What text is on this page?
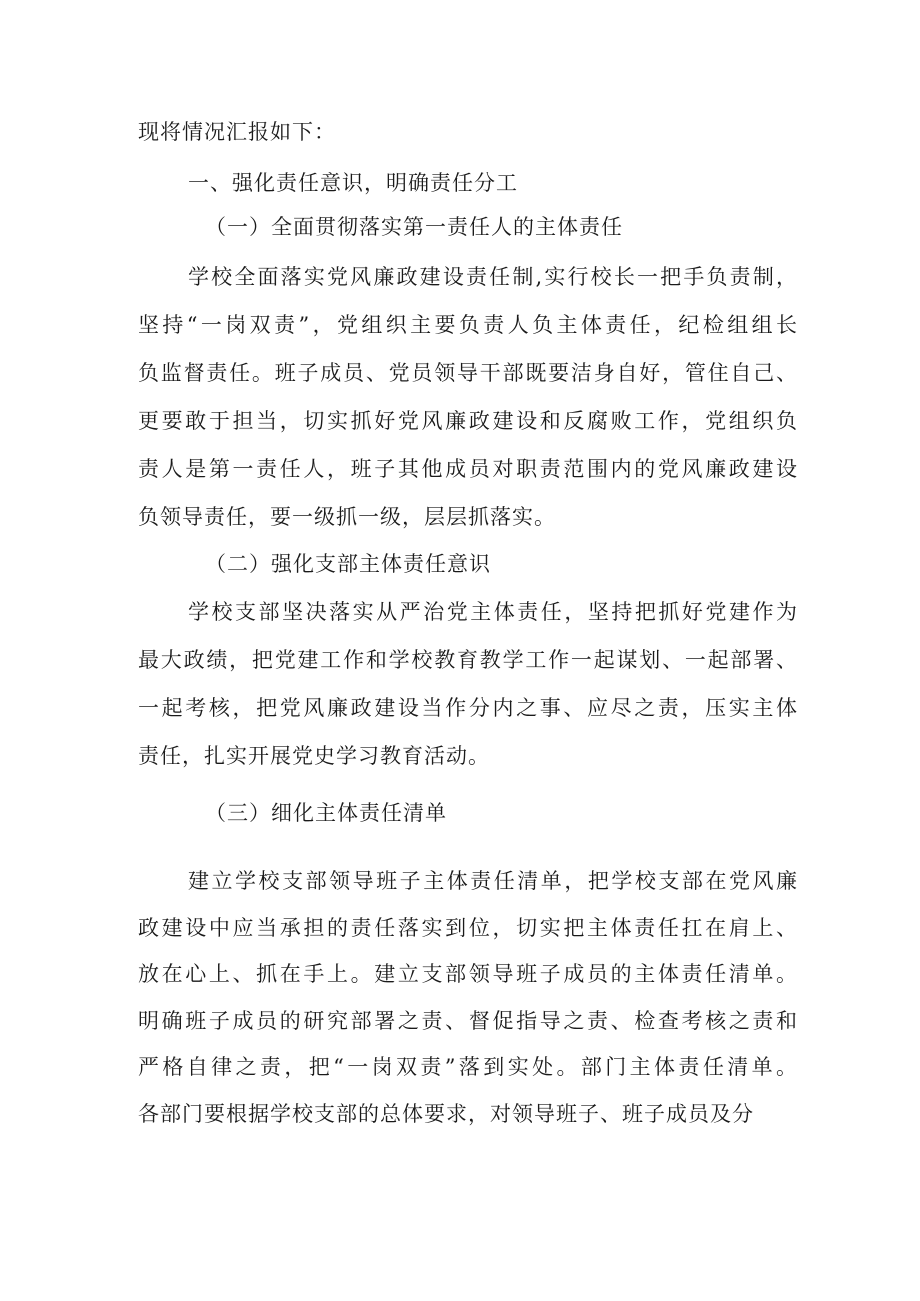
现将情况汇报如下：
一、强化责任意识，明确责任分工
（一）全面贯彻落实第一责任人的主体责任
学校全面落实党风廉政建设责任制,实行校长一把手负责制，
坚持“一岗双责”，党组织主要负责人负主体责任，纪检组组长
负监督责任。班子成员、党员领导干部既要洁身自好，管住自己、
更要敢于担当，切实抓好党风廉政建设和反腐败工作，党组织负
责人是第一责任人，班子其他成员对职责范围内的党风廉政建设
负领导责任，要一级抓一级，层层抓落实。
（二）强化支部主体责任意识
学校支部坚决落实从严治党主体责任，坚持把抓好党建作为
最大政绩，把党建工作和学校教育教学工作一起谋划、一起部署、
一起考核，把党风廉政建设当作分内之事、应尽之责，压实主体
责任，扎实开展党史学习教育活动。
（三）细化主体责任清单
建立学校支部领导班子主体责任清单，把学校支部在党风廉
政建设中应当承担的责任落实到位，切实把主体责任扛在肩上、
放在心上、抓在手上。建立支部领导班子成员的主体责任清单。
明确班子成员的研究部署之责、督促指导之责、检查考核之责和
严格自律之责，把“一岗双责”落到实处。部门主体责任清单。
各部门要根据学校支部的总体要求，对领导班子、班子成员及分
